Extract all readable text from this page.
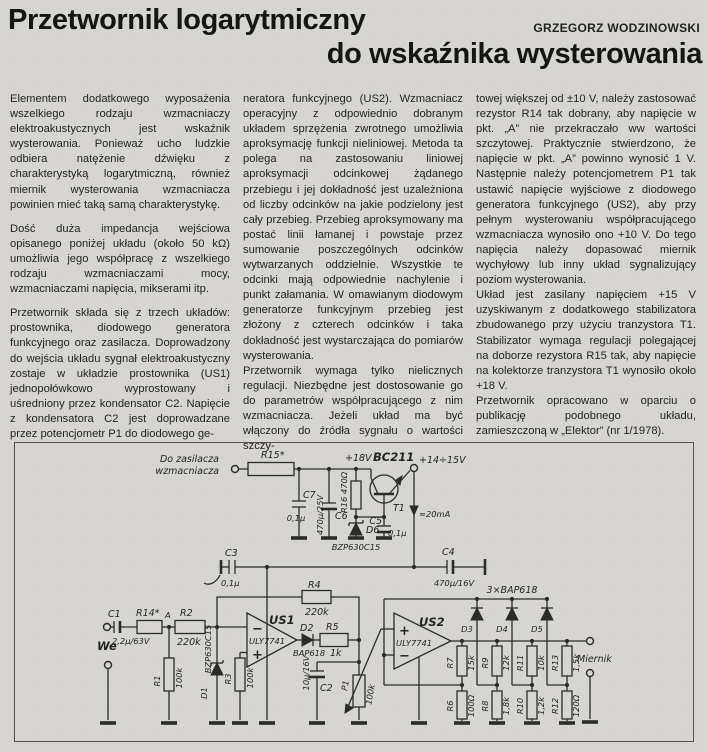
Przetwornik logarytmiczny	GRZEGORZ WODZINOWSKI
do wskaźnika wysterowania

Elementem dodatkowego wyposażenia wszelkiego rodzaju wzmacniaczy elektroakustycznych jest wskaźnik wysterowania. Ponieważ ucho ludzkie odbiera natężenie dźwięku z charakterystyką logarytmiczną, również miernik wysterowania wzmacniacza powinien mieć taką samą charakterystykę.

Dość duża impedancja wejściowa opisanego poniżej układu (około 50 kΩ) umożliwia jego współpracę z wszelkiego rodzaju wzmacniaczami mocy, wzmacniaczami napięcia, mikserami itp.

Przetwornik składa się z trzech układów: prostownika, diodowego generatora funkcyjnego oraz zasilacza. Doprowadzony do wejścia układu sygnał elektroakustyczny zostaje w układzie prostownika (US1) jednopołówkowo wyprostowany i uśredniony przez kondensator C2. Napięcie z kondensatora C2 jest doprowadzane przez potencjometr P1 do diodowego ge-

neratora funkcyjnego (US2). Wzmacniacz operacyjny z odpowiednio dobranym układem sprzężenia zwrotnego umożliwia aproksymację funkcji nieliniowej. Metoda ta polega na zastosowaniu liniowej aproksymacji odcinkowej żądanego przebiegu i jej dokładność jest uzależniona od liczby odcinków na jakie podzielony jest cały przebieg. Przebieg aproksymowany ma postać linii łamanej i powstaje przez sumowanie poszczególnych odcinków wytwarzanych oddzielnie. Wszystkie te odcinki mają odpowiednie nachylenie i punkt załamania. W omawianym diodowym generatorze funkcyjnym przebieg jest złożony z czterech odcinków i taka dokładność jest wystarczająca do pomiarów wysterowania.

Przetwornik wymaga tylko nielicznych regulacji. Niezbędne jest dostosowanie go do parametrów współpracującego z nim wzmacniacza. Jeżeli układ ma być włączony do źródła sygnału o wartości szczy-

towej większej od ±10 V, należy zastosować rezystor R14 tak dobrany, aby napięcie w pkt. „A” nie przekraczało ww wartości szczytowej. Praktycznie stwierdzono, że napięcie w pkt. „A” powinno wynosić 1 V. Następnie należy potencjometrem P1 tak ustawić napięcie wyjściowe z diodowego generatora funkcyjnego (US2), aby przy pełnym wysterowaniu współpracującego wzmacniacza wynosiło ono +10 V. Do tego napięcia należy dopasować miernik wychyłowy lub inny układ sygnalizujący poziom wysterowania.

Układ jest zasilany napięciem +15 V uzyskiwanym z dodatkowego stabilizatora zbudowanego przy użyciu tranzystora T1. Stabilizator wymaga regulacji polegającej na doborze rezystora R15 tak, aby napięcie na kolektorze tranzystora T1 wynosiło około +18 V.

Przetwornik opracowano w oparciu o publikację podobnego układu, zamieszczoną w „Elektor” (nr 1/1978).

Do zasilacza
wzmacniacza
R15*	+18V BC211 +14÷15V
T1 ≈20mA
C7
0,1μ 470μ/25V C6
R16 470Ω
D6
BZP630C15
C5
0,1μ
C3
0,1μ
C4
470μ/16V
We
C1
2,2μ/63V
R14* A R2
220k
R1 100k
BZP630C15
D1
R3 100k
−
+
US1
ULY7741
R4
220k
D2
BAP618
R5
1k
10μ/16V C2 P1 100k
+
−
US2
ULY7741
3×BAP618
D3	D4	D5
R7 15k R9 12k R11 10k R13 1,5k
R6 100Ω R8 1,8k R10 1,2k R12 120Ω
Miernik
